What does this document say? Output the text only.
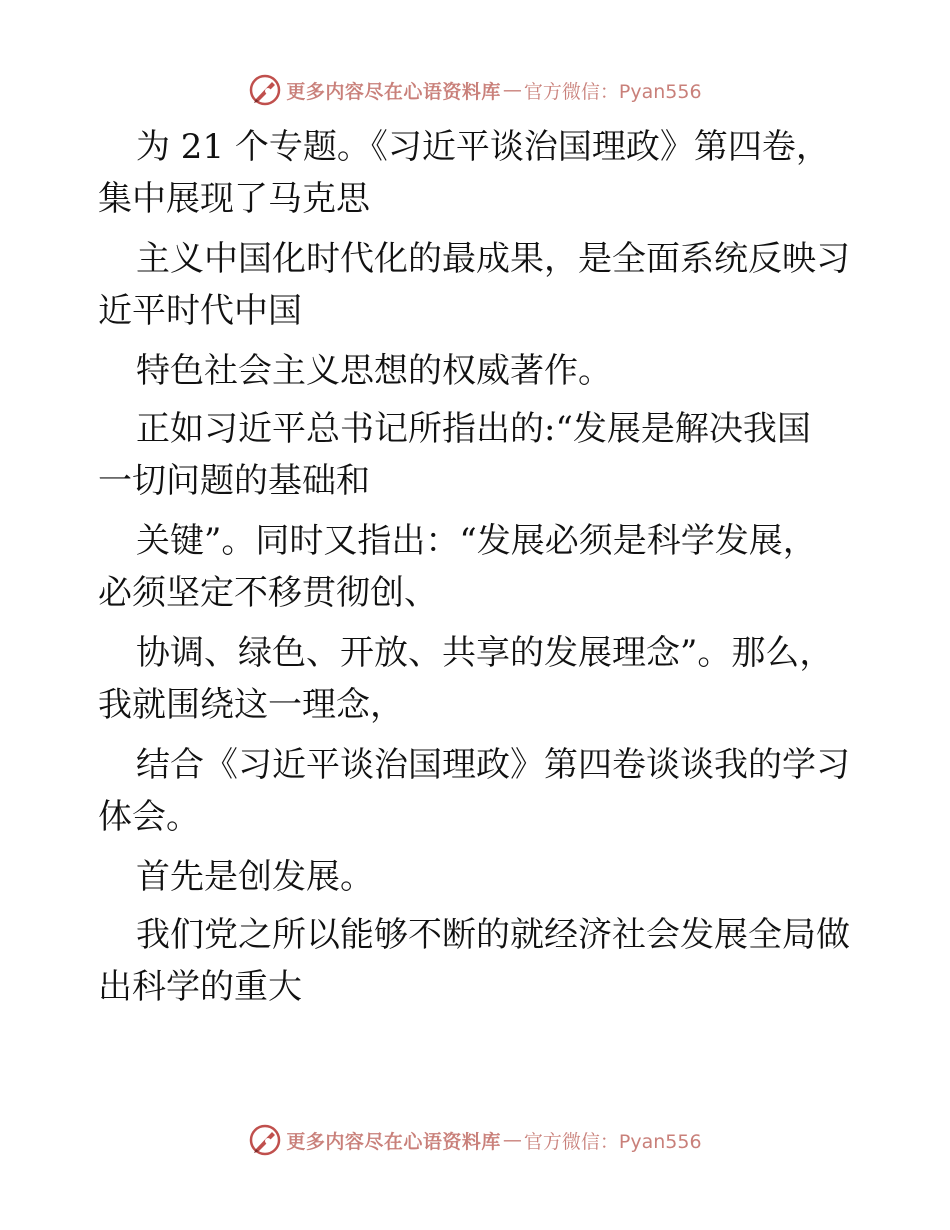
更多内容尽在心语资料库 — 官方微信：Pyan556
为 21 个专题。《习近平谈治国理政》第四卷，
集中展现了马克思
主义中国化时代化的最成果，是全面系统反映习
近平时代中国
特色社会主义思想的权威著作。
正如习近平总书记所指出的:“发展是解决我国
一切问题的基础和
关键”。同时又指出：“发展必须是科学发展，
必须坚定不移贯彻创、
协调、绿色、开放、共享的发展理念”。那么，
我就围绕这一理念，
结合《习近平谈治国理政》第四卷谈谈我的学习
体会。
首先是创发展。
我们党之所以能够不断的就经济社会发展全局做
出科学的重大
更多内容尽在心语资料库 — 官方微信：Pyan556
